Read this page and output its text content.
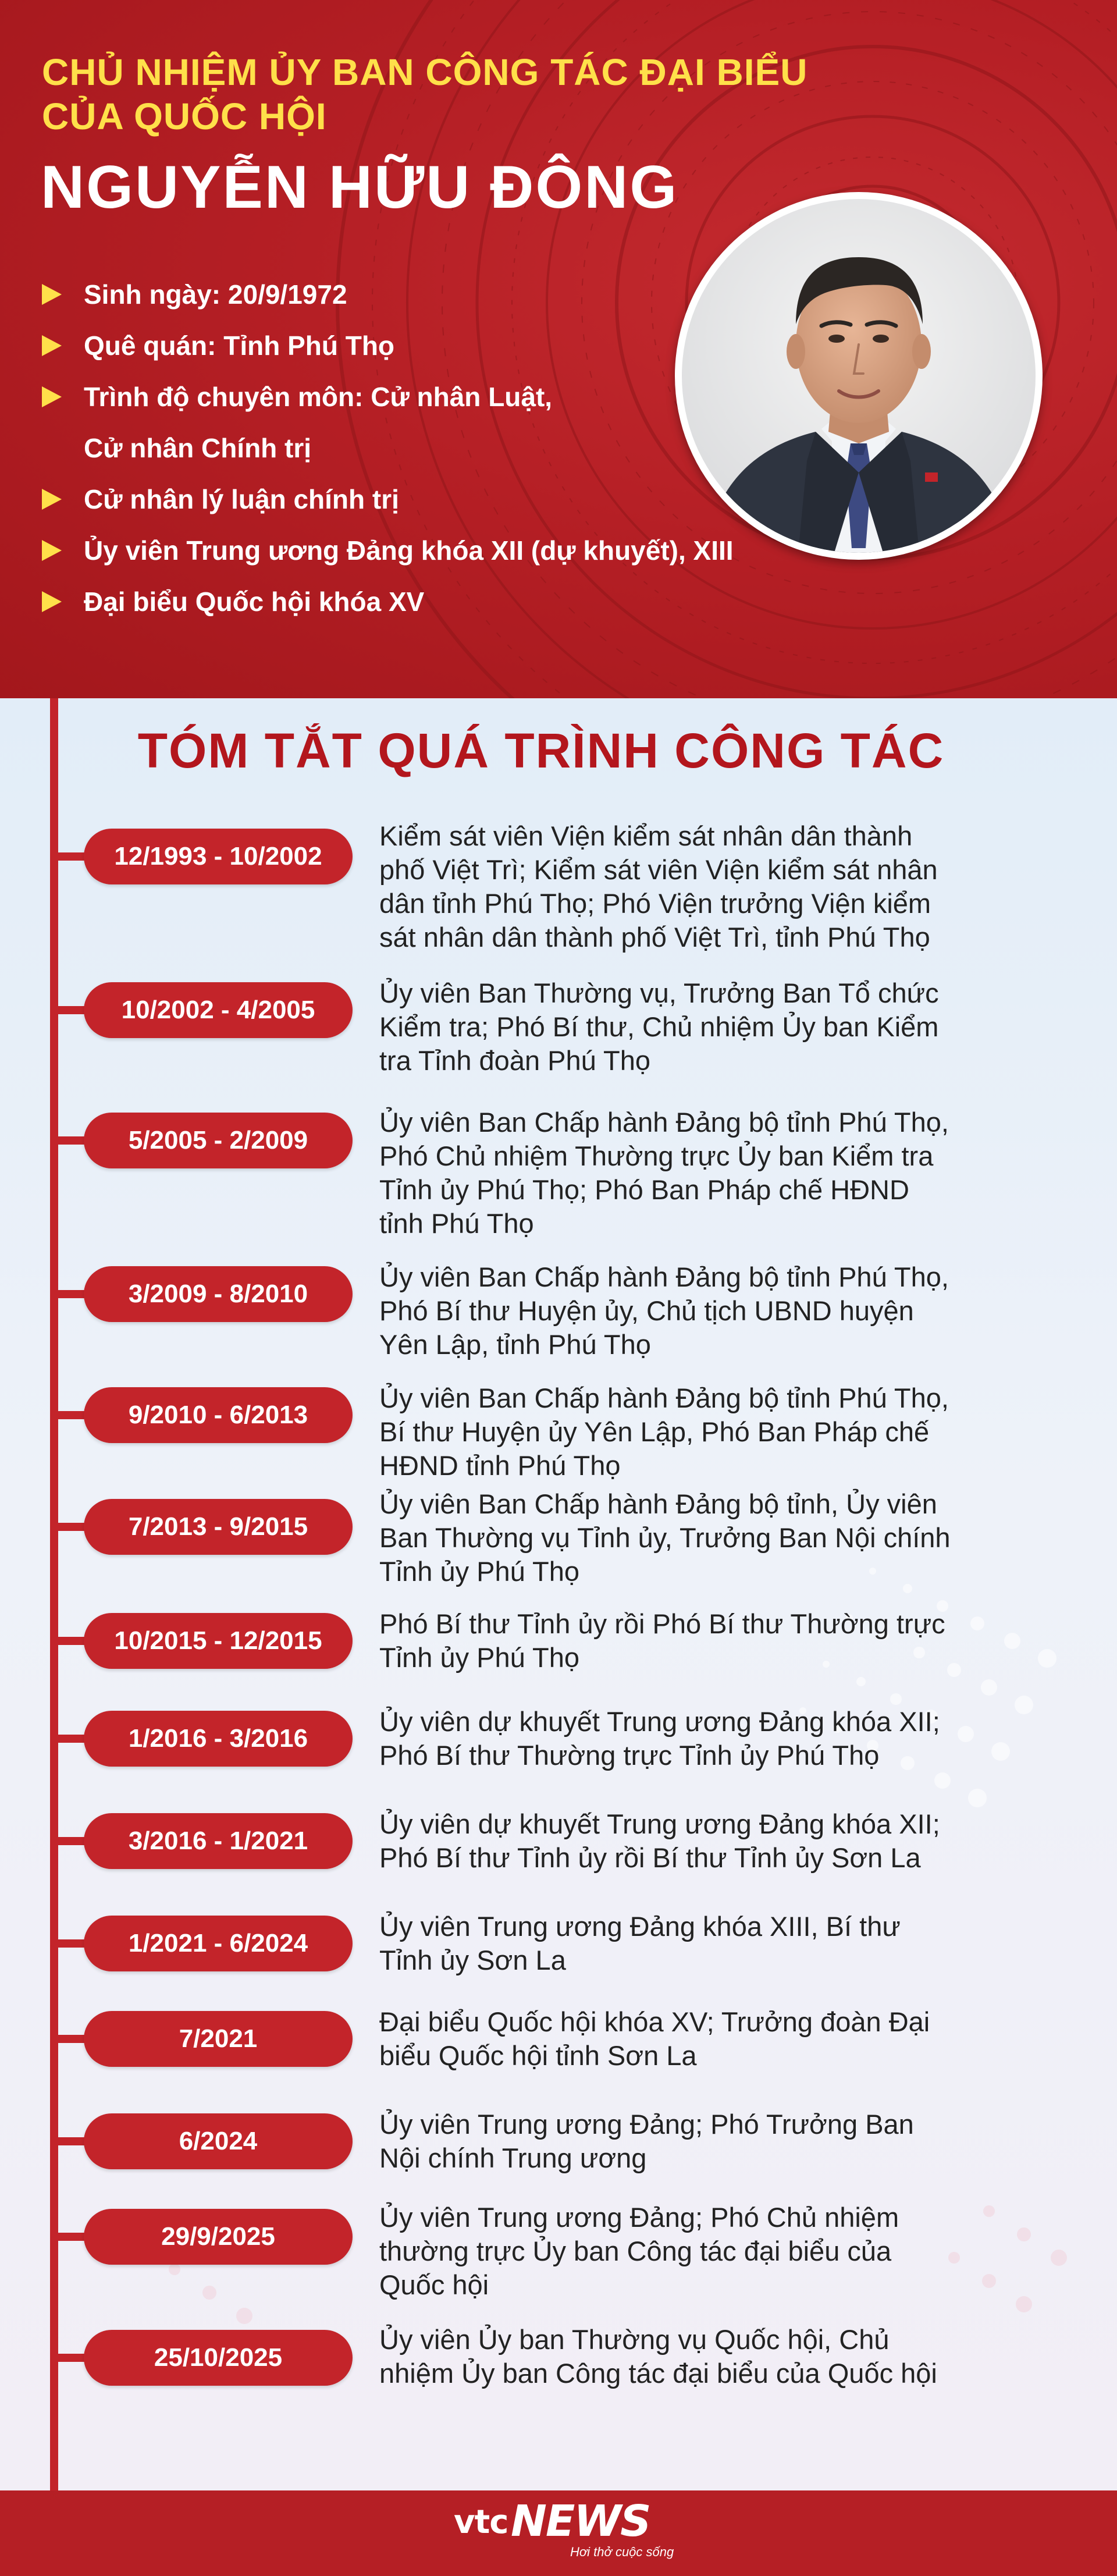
CHỦ NHIỆM ỦY BAN CÔNG TÁC ĐẠI BIỂU
CỦA QUỐC HỘI
NGUYỄN HỮU ĐÔNG
Sinh ngày: 20/9/1972
Quê quán: Tỉnh Phú Thọ
Trình độ chuyên môn: Cử nhân Luật,
Cử nhân Chính trị
Cử nhân lý luận chính trị
Ủy viên Trung ương Đảng khóa XII (dự khuyết), XIII
Đại biểu Quốc hội khóa XV
TÓM TẮT QUÁ TRÌNH CÔNG TÁC
12/1993 - 10/2002
Kiểm sát viên Viện kiểm sát nhân dân thành
phố Việt Trì; Kiểm sát viên Viện kiểm sát nhân
dân tỉnh Phú Thọ; Phó Viện trưởng Viện kiểm
sát nhân dân thành phố Việt Trì, tỉnh Phú Thọ
10/2002 - 4/2005
Ủy viên Ban Thường vụ, Trưởng Ban Tổ chức
Kiểm tra; Phó Bí thư, Chủ nhiệm Ủy ban Kiểm
tra Tỉnh đoàn Phú Thọ
5/2005 - 2/2009
Ủy viên Ban Chấp hành Đảng bộ tỉnh Phú Thọ,
Phó Chủ nhiệm Thường trực Ủy ban Kiểm tra
Tỉnh ủy Phú Thọ; Phó Ban Pháp chế HĐND
tỉnh Phú Thọ
3/2009 - 8/2010
Ủy viên Ban Chấp hành Đảng bộ tỉnh Phú Thọ,
Phó Bí thư Huyện ủy, Chủ tịch UBND huyện
Yên Lập, tỉnh Phú Thọ
9/2010 - 6/2013
Ủy viên Ban Chấp hành Đảng bộ tỉnh Phú Thọ,
Bí thư Huyện ủy Yên Lập, Phó Ban Pháp chế
HĐND tỉnh Phú Thọ
7/2013 - 9/2015
Ủy viên Ban Chấp hành Đảng bộ tỉnh, Ủy viên
Ban Thường vụ Tỉnh ủy, Trưởng Ban Nội chính
Tỉnh ủy Phú Thọ
10/2015 - 12/2015
Phó Bí thư Tỉnh ủy rồi Phó Bí thư Thường trực
Tỉnh ủy Phú Thọ
1/2016 - 3/2016
Ủy viên dự khuyết Trung ương Đảng khóa XII;
Phó Bí thư Thường trực Tỉnh ủy Phú Thọ
3/2016 - 1/2021
Ủy viên dự khuyết Trung ương Đảng khóa XII;
Phó Bí thư Tỉnh ủy rồi Bí thư Tỉnh ủy Sơn La
1/2021 - 6/2024
Ủy viên Trung ương Đảng khóa XIII, Bí thư
Tỉnh ủy Sơn La
7/2021
Đại biểu Quốc hội khóa XV; Trưởng đoàn Đại
biểu Quốc hội tỉnh Sơn La
6/2024
Ủy viên Trung ương Đảng; Phó Trưởng Ban
Nội chính Trung ương
29/9/2025
Ủy viên Trung ương Đảng; Phó Chủ nhiệm
thường trực Ủy ban Công tác đại biểu của
Quốc hội
25/10/2025
Ủy viên Ủy ban Thường vụ Quốc hội, Chủ
nhiệm Ủy ban Công tác đại biểu của Quốc hội
vtc NEWS
Hơi thở cuộc sống
